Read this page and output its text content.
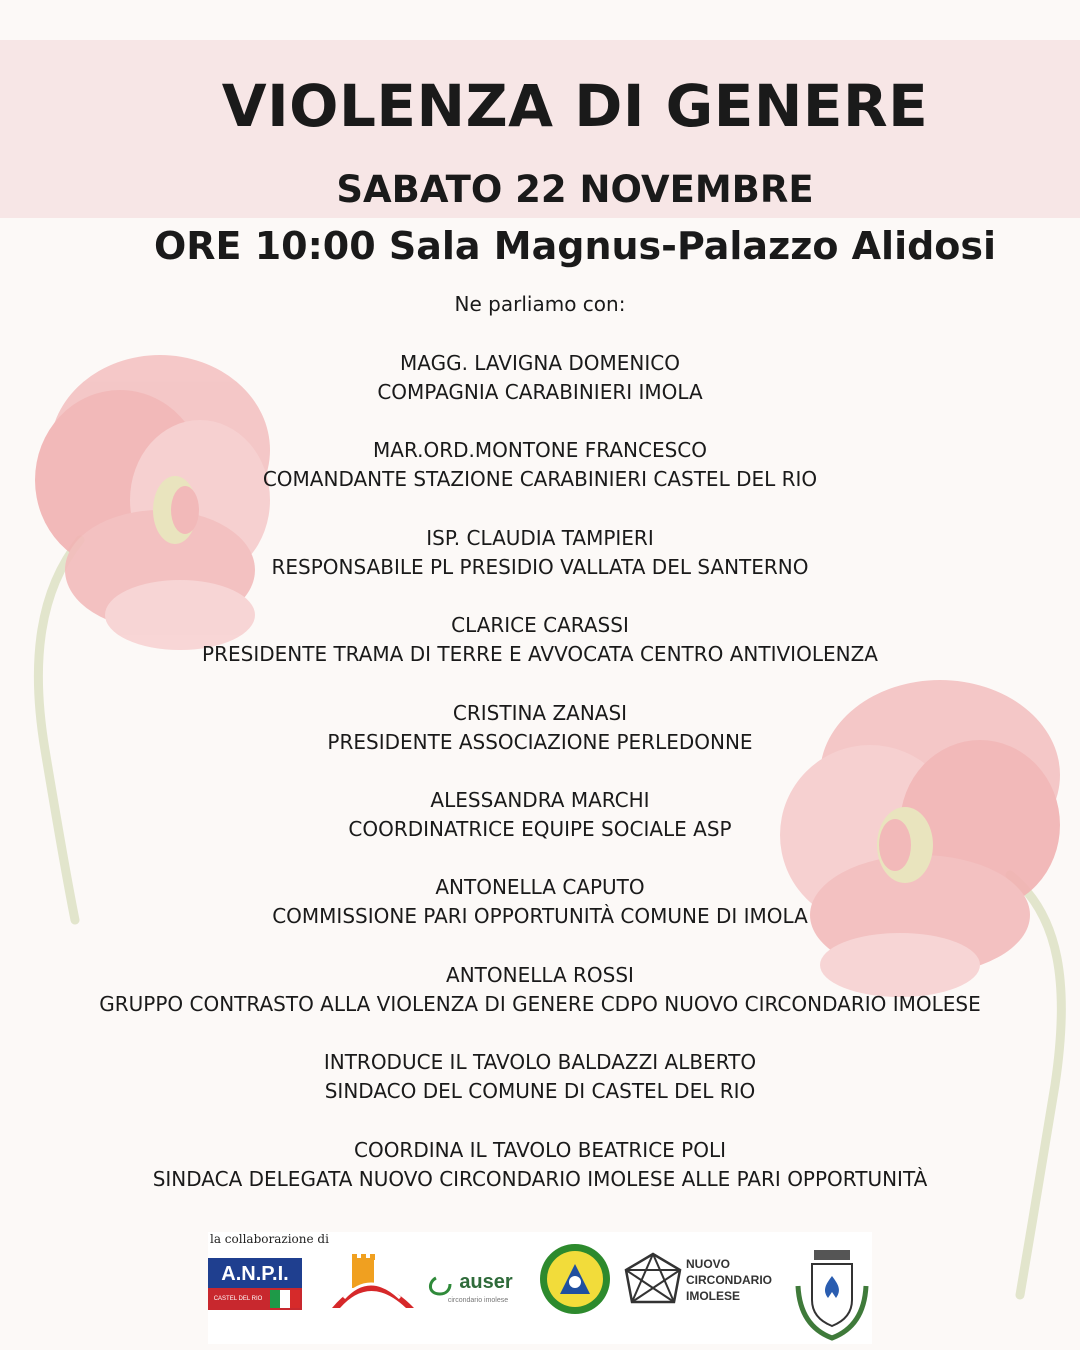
VIOLENZA DI GENERE
SABATO 22 NOVEMBRE
ORE 10:00 Sala Magnus-Palazzo Alidosi
Ne parliamo con:
MAGG. LAVIGNA DOMENICO
COMPAGNIA CARABINIERI IMOLA
MAR.ORD.MONTONE FRANCESCO
COMANDANTE STAZIONE CARABINIERI CASTEL DEL RIO
ISP. CLAUDIA TAMPIERI
RESPONSABILE PL PRESIDIO VALLATA DEL SANTERNO
CLARICE CARASSI
PRESIDENTE TRAMA DI TERRE E AVVOCATA CENTRO ANTIVIOLENZA
CRISTINA ZANASI
PRESIDENTE ASSOCIAZIONE PERLEDONNE
ALESSANDRA MARCHI
COORDINATRICE EQUIPE SOCIALE ASP
ANTONELLA CAPUTO
COMMISSIONE PARI OPPORTUNITÀ COMUNE DI IMOLA
ANTONELLA ROSSI
GRUPPO CONTRASTO ALLA VIOLENZA DI GENERE CDPO NUOVO CIRCONDARIO IMOLESE
INTRODUCE IL TAVOLO BALDAZZI ALBERTO
SINDACO DEL COMUNE DI CASTEL DEL RIO
COORDINA IL TAVOLO BEATRICE POLI
SINDACA DELEGATA NUOVO CIRCONDARIO IMOLESE ALLE PARI OPPORTUNITÀ
la collaborazione di
A.N.P.I.
CASTEL DEL RIO
auser
circondario imolese
NUOVO
CIRCONDARIO
IMOLESE
